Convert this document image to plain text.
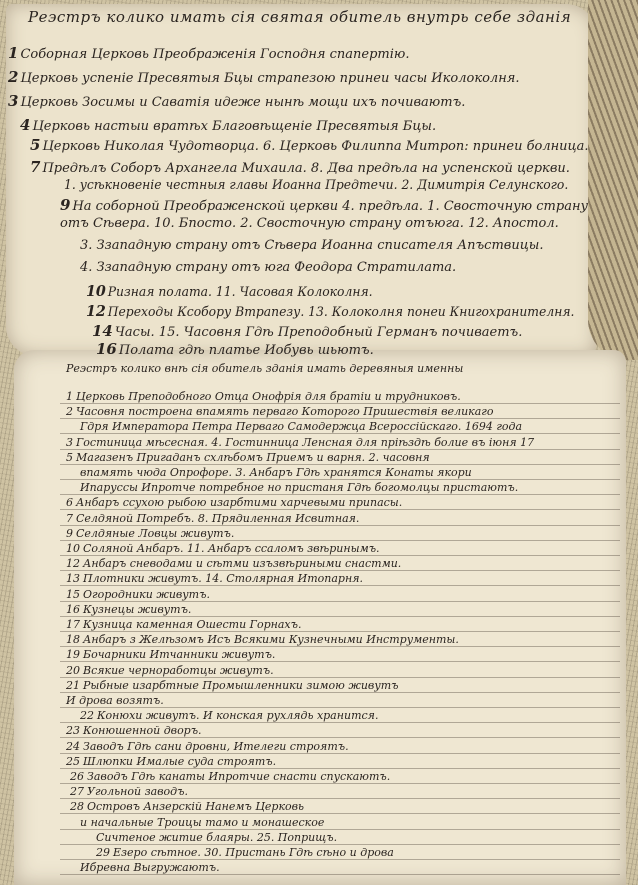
Реэстръ колико имать сія святая обитель внутрь себе зданія
Реэстръ колико внѣ сія обитель зданія имать деревяныя именны
1 Соборная Церковь Преображенія Господня спапертію.
2 Церковь успеніе Пресвятыя Бцы страпезою принеи часы Иколоколня.
3 Церковь Зосимы и Саватія идеже нынѣ мощи ихъ почиваютъ.
4 Церковь настыи вратѣх Благовѣщеніе Пресвятыя Бцы.
5 Церковь Николая Чудотворца. 6. Церковь Филиппа Митроп: принеи болница.
7 Предѣлъ Соборъ Архангела Михаила. 8. Два предѣла на успенской церкви.
1. усѣкновеніе честныя главы Иоанна Предтечи. 2. Димитрія Селунского.
9 На соборной Преображенской церкви 4. предѣла. 1. Свосточную страну
отъ Сѣвера. 10. Бпосто. 2. Свосточную страну отъюга. 12. Апостол.
3. Ззападную страну отъ Сѣвера Иоанна списателя Апъствицы.
4. Ззападную страну отъ юга Феодора Стратилата.
10 Ризная полата. 11. Часовая Колоколня.
12 Переходы Ксобору Втрапезу. 13. Колоколня понеи Книгохранителня.
14 Часы. 15. Часовня Гдѣ Преподобный Германъ почиваетъ.
16 Полата гдѣ платье Иобувь шьютъ.
1 Церковь Преподобного Отца Онофрія для братіи и трудниковъ.
2 Часовня построена впамять перваго Которого Пришествія великаго
Гдря Императора Петра Перваго Самодержца Всероссійскаго. 1694 года
3 Гостиница мѣсесная. 4. Гостинница Ленсная для пріѣздѣ болие въ іюня 17
5 Магазенъ Пригаданъ схлѣбомъ Приемъ и варня. 2. часовня
впамять чюда Опрофоре. 3. Анбаръ Гдѣ хранятся Конаты якори
Ипаруссы Ипротче потребное но пристаня Гдѣ богомолцы пристаютъ.
6 Анбаръ ссухою рыбою изарбтими харчевыми припасы.
7 Селдяной Потребъ. 8. Прядиленная Исвитная.
9 Селдяные Ловцы живутъ.
10 Соляной Анбаръ. 11. Анбаръ ссаломъ звѣринымъ.
12 Анбаръ сневодами и сѣтми изъзвѣриными снастми.
13 Плотники живутъ. 14. Столярная Итопарня.
15 Огородники живутъ.
16 Кузнецы живутъ.
17 Кузница каменная Ошести Горнахъ.
18 Анбаръ з Желѣзомъ Исъ Всякими Кузнечными Инструменты.
19 Бочарники Итчанники живутъ.
20 Всякие черноработцы живутъ.
21 Рыбные изарбтные Промышленники зимою живутъ
И дрова возятъ.
22 Конюхи живутъ. И конская рухлядь хранится.
23 Конюшенной дворъ.
24 Заводъ Гдѣ сани дровни, Ителеги строятъ.
25 Шлюпки Ималые суда строятъ.
26 Заводъ Гдѣ канаты Ипротчие снасти спускаютъ.
27 Угольной заводъ.
28 Островъ Анзерскій Нанемъ Церковь
и начальные Троицы тамо и монашеское
Сичтеное житие блаяры. 25. Поприщъ.
29 Езеро сѣтное. 30. Пристань Гдѣ сѣно и дрова
Ибревна Выгружаютъ.
